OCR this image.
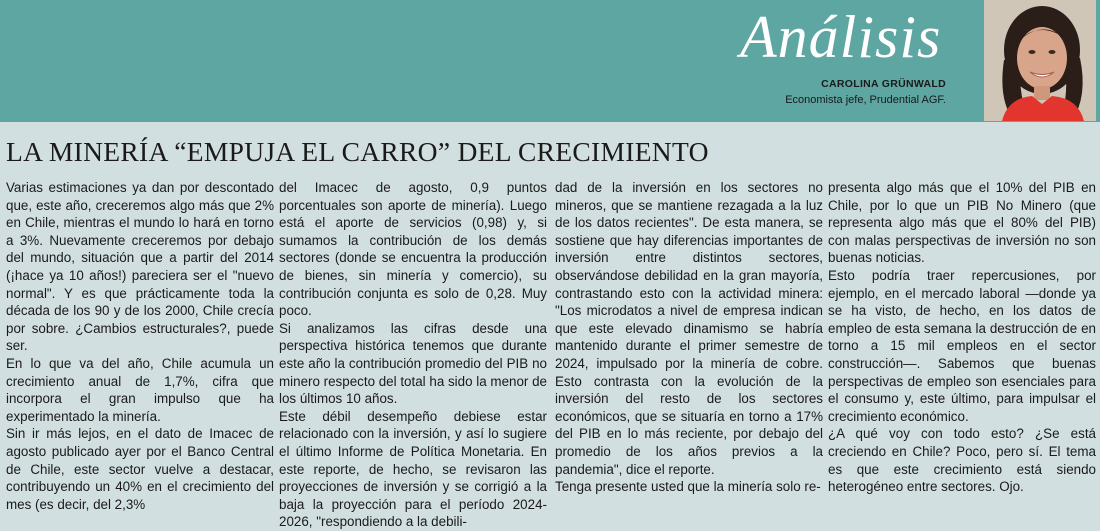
Análisis
CAROLINA GRÜNWALD
Economista jefe, Prudential AGF.
LA MINERÍA “EMPUJA EL CARRO” DEL CRECIMIENTO

Varias estimaciones ya dan por descontado que, este año, creceremos algo más que 2% en Chile, mientras el mundo lo hará en torno a 3%. Nuevamente creceremos por debajo del mundo, situación que a partir del 2014 (¡hace ya 10 años!) pareciera ser el "nuevo normal". Y es que prácticamente toda la década de los 90 y de los 2000, Chile crecía por sobre. ¿Cambios estructurales?, puede ser.

En lo que va del año, Chile acumula un crecimiento anual de 1,7%, cifra que incorpora el gran impulso que ha experimentado la minería.

Sin ir más lejos, en el dato de Imacec de agosto publicado ayer por el Banco Central de Chile, este sector vuelve a destacar, contribuyendo un 40% en el crecimiento del mes (es decir, del 2,3%

del Imacec de agosto, 0,9 puntos porcentuales son aporte de minería). Luego está el aporte de servicios (0,98) y, si sumamos la contribución de los demás sectores (donde se encuentra la producción de bienes, sin minería y comercio), su contribución conjunta es solo de 0,28. Muy poco.

Si analizamos las cifras desde una perspectiva histórica tenemos que durante este año la contribución promedio del PIB no minero respecto del total ha sido la menor de los últimos 10 años.

Este débil desempeño debiese estar relacionado con la inversión, y así lo sugiere el último Informe de Política Monetaria. En este reporte, de hecho, se revisaron las proyecciones de inversión y se corrigió a la baja la proyección para el período 2024-2026, "respondiendo a la debili-

dad de la inversión en los sectores no mineros, que se mantiene rezagada a la luz de los datos recientes". De esta manera, se sostiene que hay diferencias importantes de inversión entre distintos sectores, observándose debilidad en la gran mayoría, contrastando esto con la actividad minera: "Los microdatos a nivel de empresa indican que este elevado dinamismo se habría mantenido durante el primer semestre de 2024, impulsado por la minería de cobre. Esto contrasta con la evolución de la inversión del resto de los sectores económicos, que se situaría en torno a 17% del PIB en lo más reciente, por debajo del promedio de los años previos a la pandemia", dice el reporte.

Tenga presente usted que la minería solo re-

presenta algo más que el 10% del PIB en Chile, por lo que un PIB No Minero (que representa algo más que el 80% del PIB) con malas perspectivas de inversión no son buenas noticias.

Esto podría traer repercusiones, por ejemplo, en el mercado laboral —donde ya se ha visto, de hecho, en los datos de empleo de esta semana la destrucción de en torno a 15 mil empleos en el sector construcción—. Sabemos que buenas perspectivas de empleo son esenciales para el consumo y, este último, para impulsar el crecimiento económico.

¿A qué voy con todo esto? ¿Se está creciendo en Chile? Poco, pero sí. El tema es que este crecimiento está siendo heterogéneo entre sectores. Ojo.
